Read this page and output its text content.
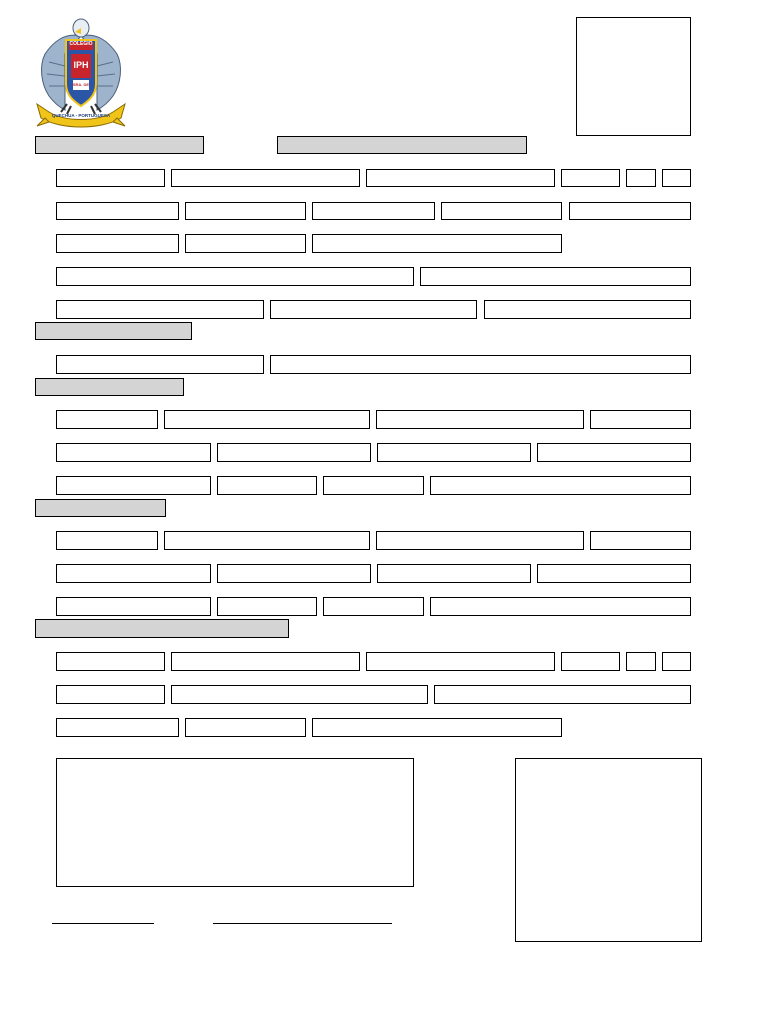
COLEGIO
IPH
SRA. DE
QUECHUA - PORTUGUESA
